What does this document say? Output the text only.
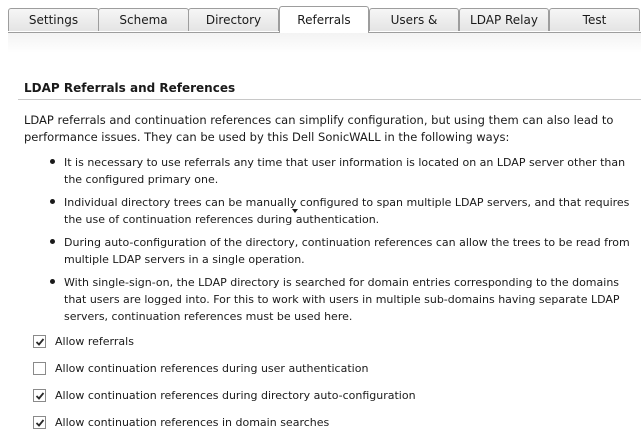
Settings	Schema	Directory	Referrals	Users &	LDAP Relay	Test
LDAP Referrals and References
LDAP referrals and continuation references can simplify configuration, but using them can also lead to performance issues. They can be used by this Dell SonicWALL in the following ways:
It is necessary to use referrals any time that user information is located on an LDAP server other than the configured primary one.
Individual directory trees can be manually configured to span multiple LDAP servers, and that requires the use of continuation references during authentication.
During auto-configuration of the directory, continuation references can allow the trees to be read from multiple LDAP servers in a single operation.
With single-sign-on, the LDAP directory is searched for domain entries corresponding to the domains that users are logged into. For this to work with users in multiple sub-domains having separate LDAP servers, continuation references must be used here.
Allow referrals
Allow continuation references during user authentication
Allow continuation references during directory auto-configuration
Allow continuation references in domain searches
